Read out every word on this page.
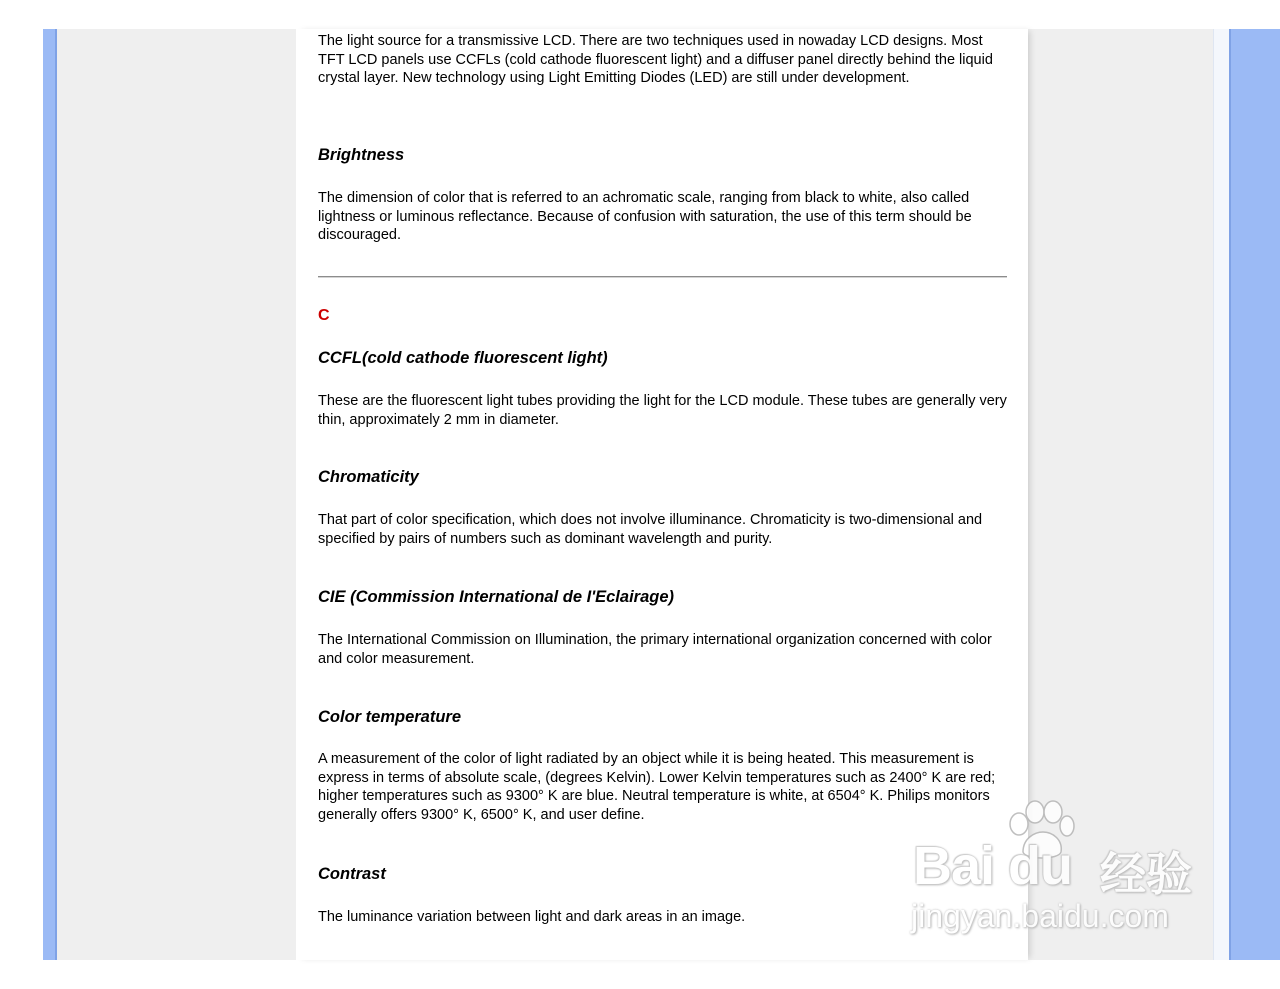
The light source for a transmissive LCD. There are two techniques used in nowaday LCD designs. Most TFT LCD panels use CCFLs (cold cathode fluorescent light) and a diffuser panel directly behind the liquid crystal layer. New technology using Light Emitting Diodes (LED) are still under development.

Brightness

The dimension of color that is referred to an achromatic scale, ranging from black to white, also called lightness or luminous reflectance. Because of confusion with saturation, the use of this term should be discouraged.

C

CCFL(cold cathode fluorescent light)

These are the fluorescent light tubes providing the light for the LCD module. These tubes are generally very thin, approximately 2 mm in diameter.

Chromaticity

That part of color specification, which does not involve illuminance. Chromaticity is two-dimensional and specified by pairs of numbers such as dominant wavelength and purity.

CIE (Commission International de I'Eclairage)

The International Commission on Illumination, the primary international organization concerned with color and color measurement.

Color temperature

A measurement of the color of light radiated by an object while it is being heated. This measurement is express in terms of absolute scale, (degrees Kelvin). Lower Kelvin temperatures such as 2400° K are red; higher temperatures such as 9300° K are blue. Neutral temperature is white, at 6504° K. Philips monitors generally offers 9300° K, 6500° K, and user define.

Contrast

The luminance variation between light and dark areas in an image.

Bai du 经验
jingyan.baidu.com
